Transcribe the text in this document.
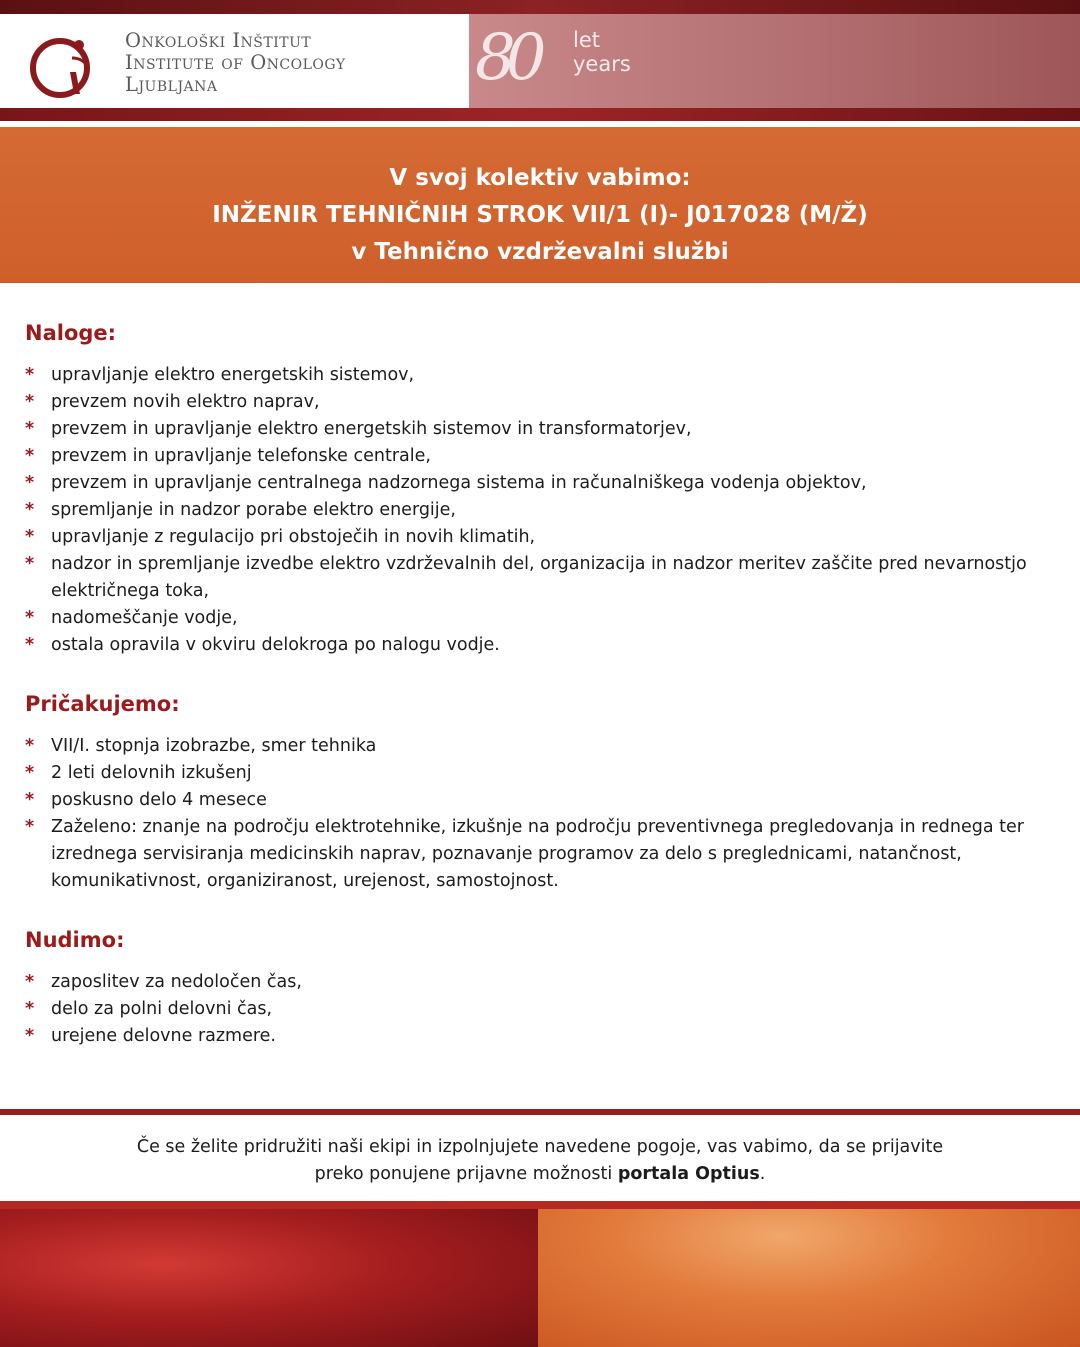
Onkološki Inštitut
Institute of Oncology
Ljubljana	80 let
years
V svoj kolektiv vabimo:
INŽENIR TEHNIČNIH STROK VII/1 (I)- J017028 (M/Ž)
v Tehnično vzdrževalni službi
Naloge:
* upravljanje elektro energetskih sistemov,
* prevzem novih elektro naprav,
* prevzem in upravljanje elektro energetskih sistemov in transformatorjev,
* prevzem in upravljanje telefonske centrale,
* prevzem in upravljanje centralnega nadzornega sistema in računalniškega vodenja objektov,
* spremljanje in nadzor porabe elektro energije,
* upravljanje z regulacijo pri obstoječih in novih klimatih,
* nadzor in spremljanje izvedbe elektro vzdrževalnih del, organizacija in nadzor meritev zaščite pred nevarnostjo električnega toka,
* nadomeščanje vodje,
* ostala opravila v okviru delokroga po nalogu vodje.
Pričakujemo:
* VII/I. stopnja izobrazbe, smer tehnika
* 2 leti delovnih izkušenj
* poskusno delo 4 mesece
* Zaželeno: znanje na področju elektrotehnike, izkušnje na področju preventivnega pregledovanja in rednega ter izrednega servisiranja medicinskih naprav, poznavanje programov za delo s preglednicami, natančnost, komunikativnost, organiziranost, urejenost, samostojnost.
Nudimo:
* zaposlitev za nedoločen čas,
* delo za polni delovni čas,
* urejene delovne razmere.
Če se želite pridružiti naši ekipi in izpolnjujete navedene pogoje, vas vabimo, da se prijavite
preko ponujene prijavne možnosti portala Optius.
